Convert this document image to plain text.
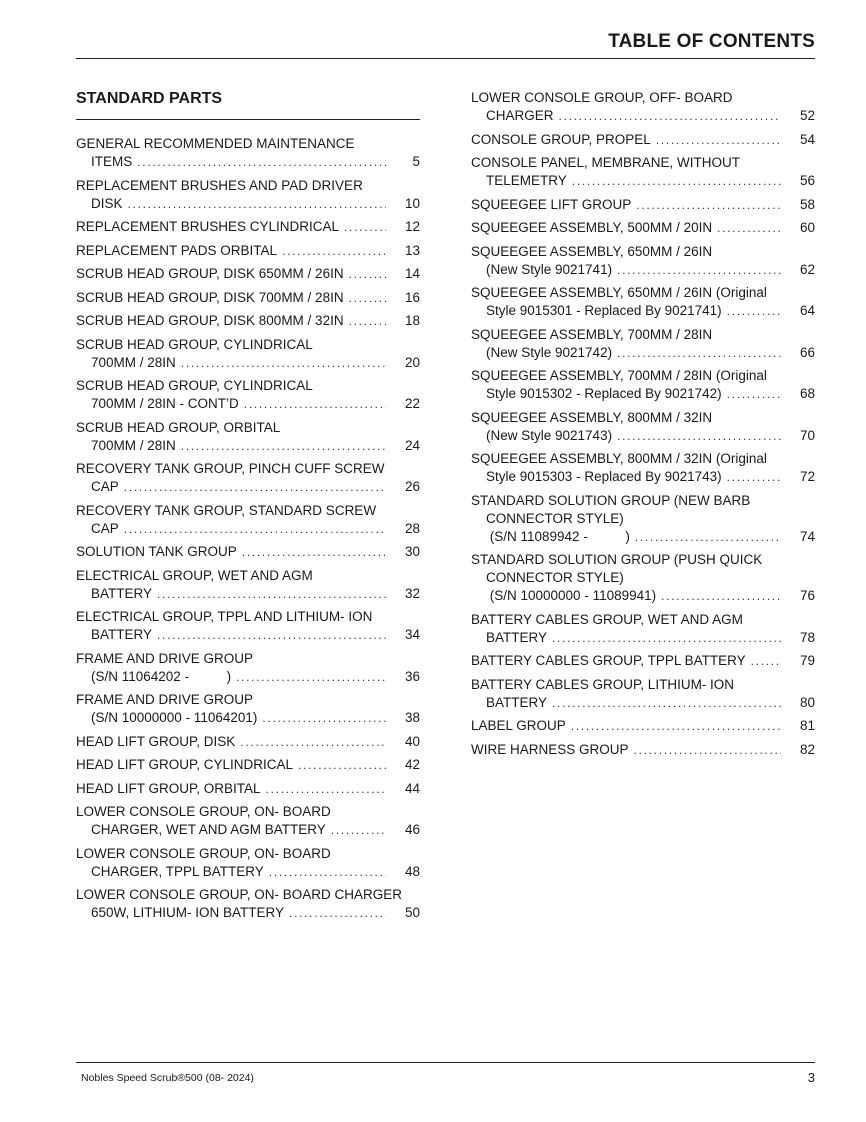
TABLE OF CONTENTS
STANDARD PARTS
GENERAL RECOMMENDED MAINTENANCE
ITEMS .....	5
REPLACEMENT BRUSHES AND PAD DRIVER
DISK .....	10
REPLACEMENT BRUSHES CYLINDRICAL .....	12
REPLACEMENT PADS ORBITAL .....	13
SCRUB HEAD GROUP, DISK 650MM / 26IN .....	14
SCRUB HEAD GROUP, DISK 700MM / 28IN .....	16
SCRUB HEAD GROUP, DISK 800MM / 32IN .....	18
SCRUB HEAD GROUP, CYLINDRICAL
700MM / 28IN .....	20
SCRUB HEAD GROUP, CYLINDRICAL
700MM / 28IN - CONT’D .....	22
SCRUB HEAD GROUP, ORBITAL
700MM / 28IN .....	24
RECOVERY TANK GROUP, PINCH CUFF SCREW
CAP .....	26
RECOVERY TANK GROUP, STANDARD SCREW
CAP .....	28
SOLUTION TANK GROUP .....	30
ELECTRICAL GROUP, WET AND AGM
BATTERY .....	32
ELECTRICAL GROUP, TPPL AND LITHIUM- ION
BATTERY .....	34
FRAME AND DRIVE GROUP
(S/N 11064202 -          ) .....	36
FRAME AND DRIVE GROUP
(S/N 10000000 - 11064201) .....	38
HEAD LIFT GROUP, DISK .....	40
HEAD LIFT GROUP, CYLINDRICAL .....	42
HEAD LIFT GROUP, ORBITAL .....	44
LOWER CONSOLE GROUP, ON- BOARD
CHARGER, WET AND AGM BATTERY .....	46
LOWER CONSOLE GROUP, ON- BOARD
CHARGER, TPPL BATTERY .....	48
LOWER CONSOLE GROUP, ON- BOARD CHARGER
650W, LITHIUM- ION BATTERY .....	50
LOWER CONSOLE GROUP, OFF- BOARD
CHARGER .....	52
CONSOLE GROUP, PROPEL .....	54
CONSOLE PANEL, MEMBRANE, WITHOUT
TELEMETRY .....	56
SQUEEGEE LIFT GROUP .....	58
SQUEEGEE ASSEMBLY, 500MM / 20IN .....	60
SQUEEGEE ASSEMBLY, 650MM / 26IN
(New Style 9021741) .....	62
SQUEEGEE ASSEMBLY, 650MM / 26IN (Original
Style 9015301 - Replaced By 9021741) .....	64
SQUEEGEE ASSEMBLY, 700MM / 28IN
(New Style 9021742) .....	66
SQUEEGEE ASSEMBLY, 700MM / 28IN (Original
Style 9015302 - Replaced By 9021742) .....	68
SQUEEGEE ASSEMBLY, 800MM / 32IN
(New Style 9021743) .....	70
SQUEEGEE ASSEMBLY, 800MM / 32IN (Original
Style 9015303 - Replaced By 9021743) .....	72
STANDARD SOLUTION GROUP (NEW BARB
CONNECTOR STYLE)
(S/N 11089942 -          ) .....	74
STANDARD SOLUTION GROUP (PUSH QUICK
CONNECTOR STYLE)
(S/N 10000000 - 11089941) .....	76
BATTERY CABLES GROUP, WET AND AGM
BATTERY .....	78
BATTERY CABLES GROUP, TPPL BATTERY .....	79
BATTERY CABLES GROUP, LITHIUM- ION
BATTERY .....	80
LABEL GROUP .....	81
WIRE HARNESS GROUP .....	82
Nobles Speed Scrub®500 (08- 2024)	3
